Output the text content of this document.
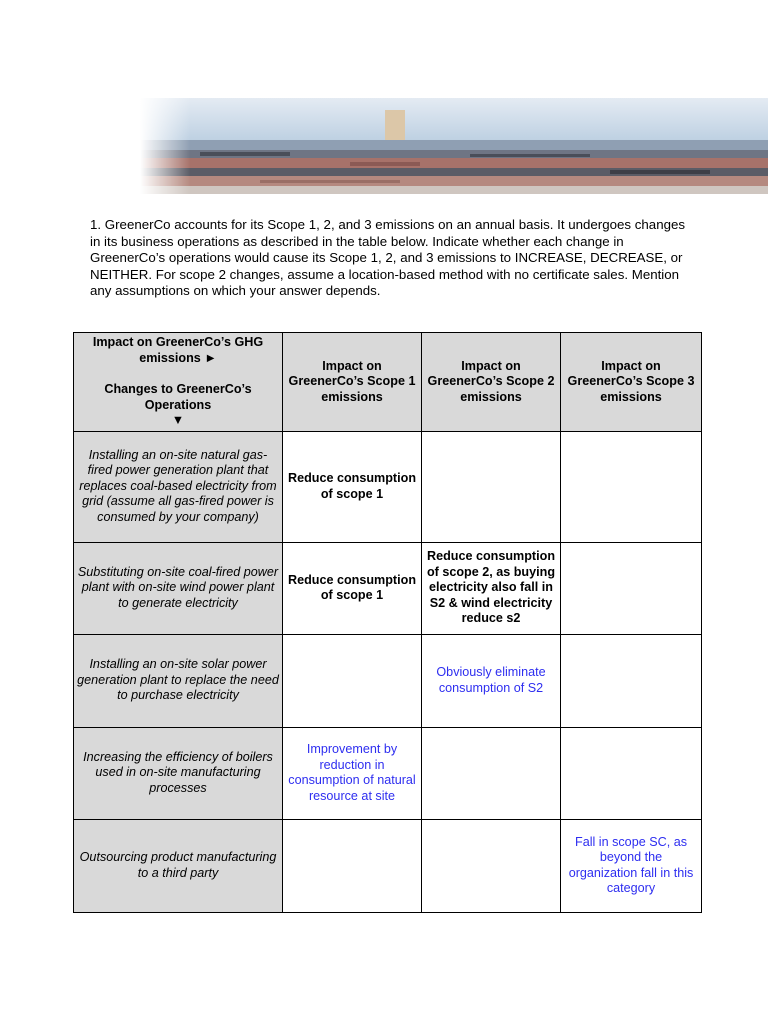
1. GreenerCo accounts for its Scope 1, 2, and 3 emissions on an annual basis. It undergoes changes in its business operations as described in the table below. Indicate whether each change in GreenerCo’s operations would cause its Scope 1, 2, and 3 emissions to INCREASE, DECREASE, or NEITHER. For scope 2 changes, assume a location-based method with no certificate sales. Mention any assumptions on which your answer depends.

Impact on GreenerCo’s GHG emissions ►
Changes to GreenerCo’s Operations
▼	Impact on GreenerCo’s Scope 1 emissions	Impact on GreenerCo’s Scope 2 emissions	Impact on GreenerCo’s Scope 3 emissions
Installing an on-site natural gas-fired power generation plant that replaces coal-based electricity from grid (assume all gas-fired power is consumed by your company)	Reduce consumption of scope 1		
Substituting on-site coal-fired power plant with on-site wind power plant to generate electricity	Reduce consumption of scope 1	Reduce consumption of scope 2, as buying electricity also fall in S2 & wind electricity reduce s2	
Installing an on-site solar power generation plant to replace the need to purchase electricity		Obviously eliminate consumption of S2	
Increasing the efficiency of boilers used in on-site manufacturing processes	Improvement by reduction in consumption of natural resource at site		
Outsourcing product manufacturing to a third party			Fall in scope SC, as beyond the organization fall in this category
